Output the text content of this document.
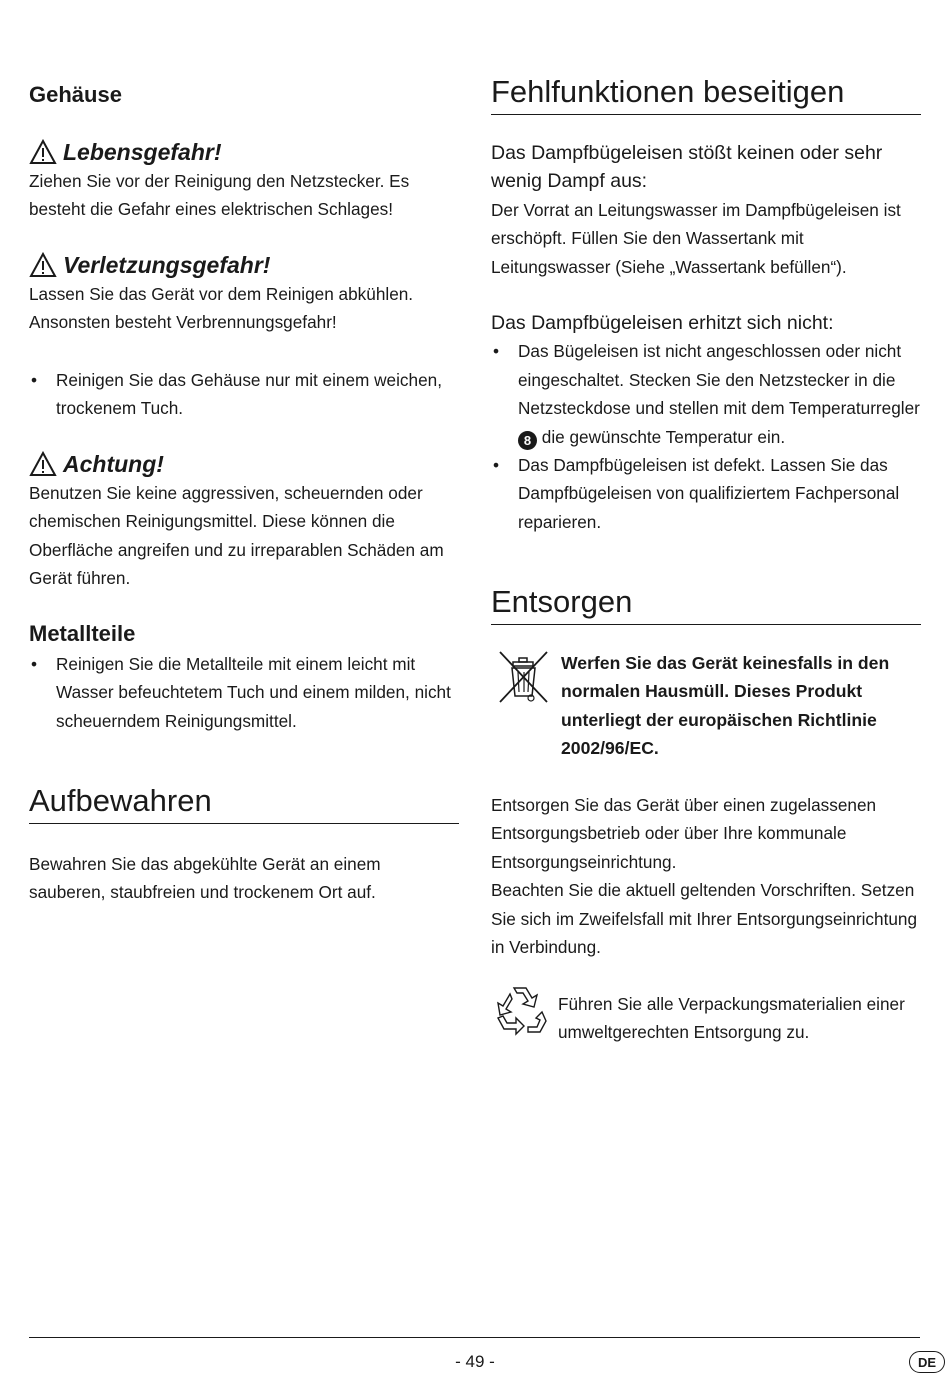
Gehäuse

Lebensgefahr!

Ziehen Sie vor der Reinigung den Netzstecker. Es besteht die Gefahr eines elektrischen Schlages!

Verletzungsgefahr!

Lassen Sie das Gerät vor dem Reinigen abkühlen. Ansonsten besteht Verbrennungsgefahr!

• Reinigen Sie das Gehäuse nur mit einem weichen, trockenem Tuch.

Achtung!

Benutzen Sie keine aggressiven, scheuernden oder chemischen Reinigungsmittel. Diese können die Oberfläche angreifen und zu irreparablen Schäden am Gerät führen.

Metallteile

• Reinigen Sie die Metallteile mit einem leicht mit Wasser befeuchtetem Tuch und einem milden, nicht scheuerndem Reinigungsmittel.
Aufbewahren

Bewahren Sie das abgekühlte Gerät an einem sauberen, staubfreien und trockenem Ort auf.

Fehlfunktionen beseitigen

Das Dampfbügeleisen stößt keinen oder sehr wenig Dampf aus:

Der Vorrat an Leitungswasser im Dampfbügeleisen ist erschöpft. Füllen Sie den Wassertank mit Leitungswasser (Siehe „Wassertank befüllen“).

Das Dampfbügeleisen erhitzt sich nicht:

• Das Bügeleisen ist nicht angeschlossen oder nicht eingeschaltet. Stecken Sie den Netzstecker in die Netzsteckdose und stellen mit dem Temperaturregler 8 die gewünschte Temperatur ein.
• Das Dampfbügeleisen ist defekt. Lassen Sie das Dampfbügeleisen von qualifiziertem Fachpersonal reparieren.
Entsorgen

Werfen Sie das Gerät keinesfalls in den normalen Hausmüll. Dieses Produkt unterliegt der europäischen Richtlinie 2002/96/EC.

Entsorgen Sie das Gerät über einen zugelassenen Entsorgungsbetrieb oder über Ihre kommunale Entsorgungseinrichtung.

Beachten Sie die aktuell geltenden Vorschriften. Setzen Sie sich im Zweifelsfall mit Ihrer Entsorgungseinrichtung in Verbindung.

Führen Sie alle Verpackungsmaterialien einer umweltgerechten Entsorgung zu.

- 49 -	DE
